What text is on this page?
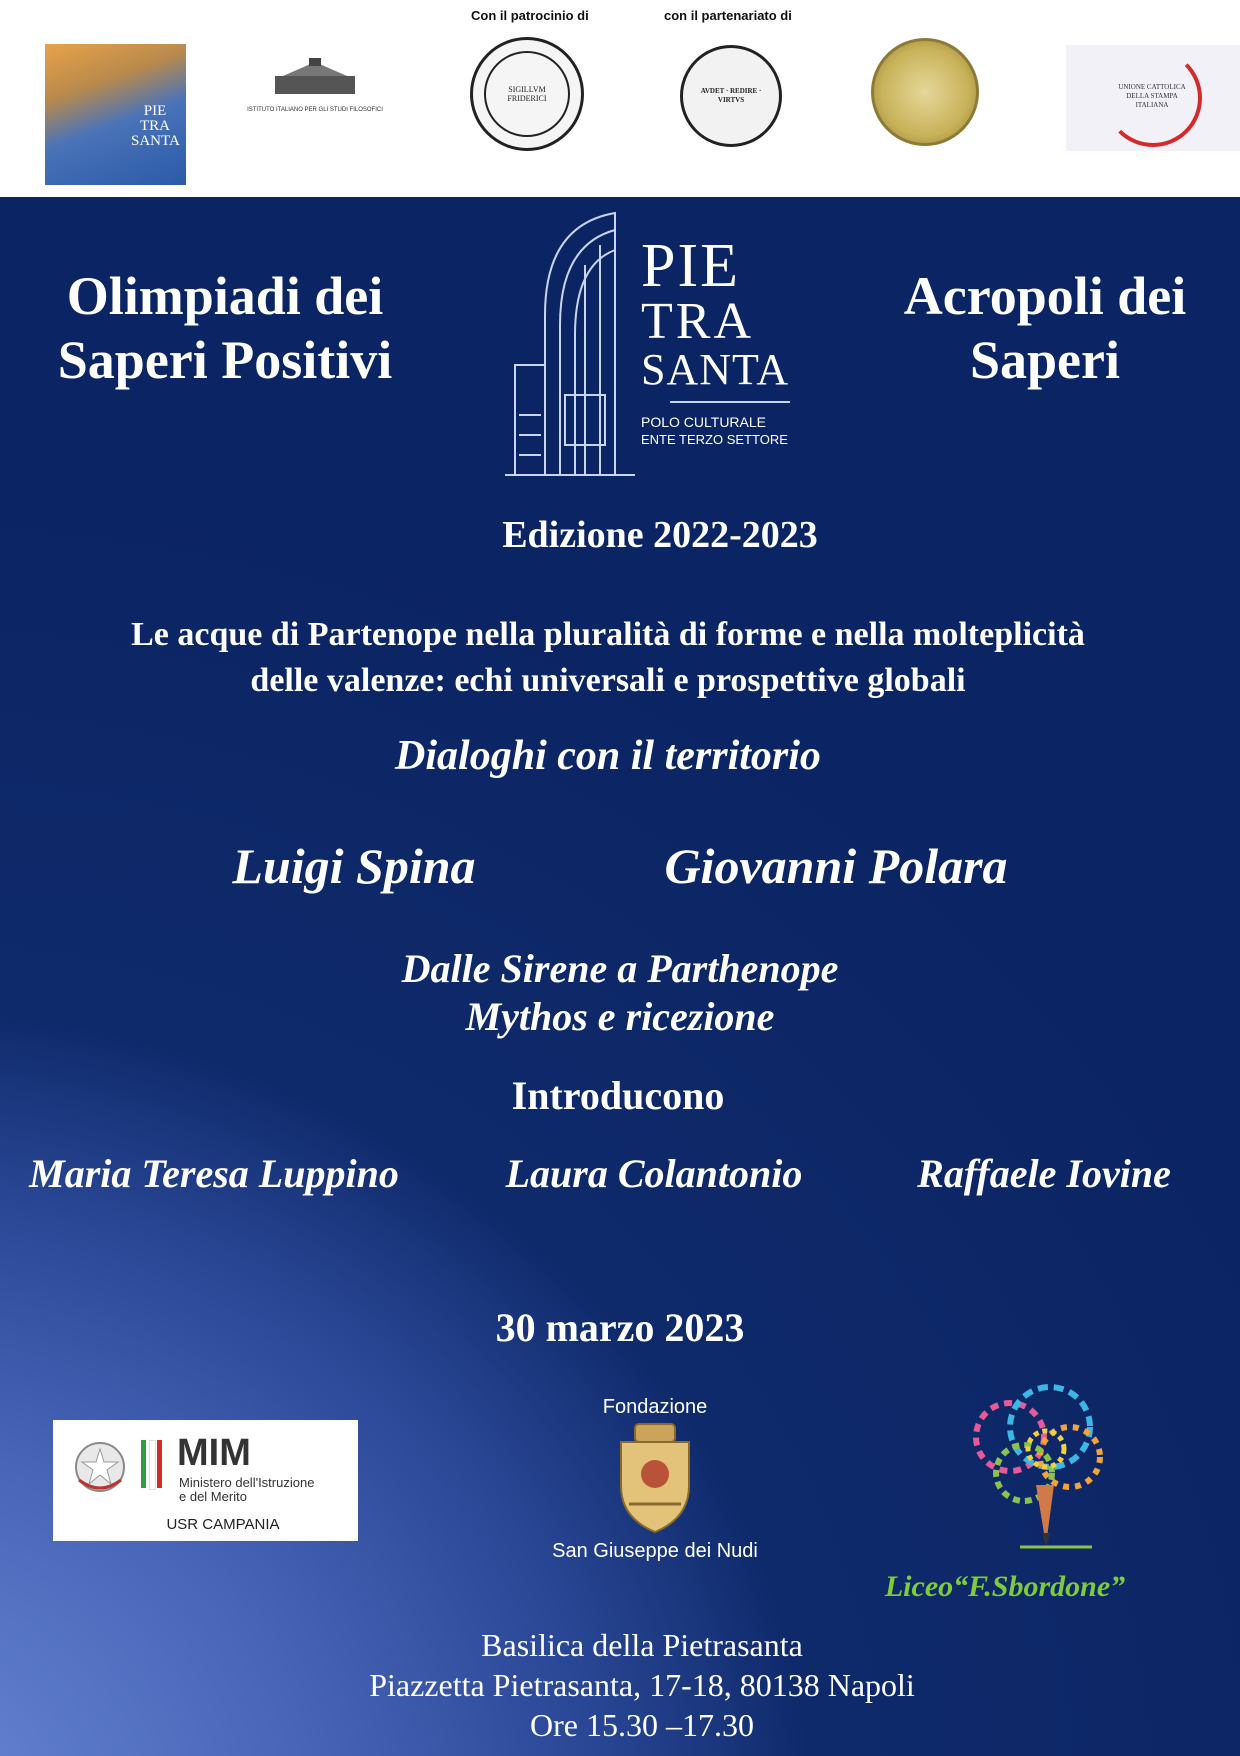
Con il patrocinio di	con il partenariato di
PIE TRA SANTA
ISTITUTO ITALIANO PER GLI STUDI FILOSOFICI
SIGILLVM FRIDERICI
AVDET · REDIRE · VIRTVS
UNIONE CATTOLICA DELLA STAMPA ITALIANA
Olimpiadi dei
Saperi Positivi
Acropoli dei
Saperi
PIE
TRA
SANTA
POLO CULTURALE
ENTE TERZO SETTORE
Edizione 2022-2023
Le acque di Partenope nella pluralità di forme e nella molteplicità
delle valenze: echi universali e prospettive globali
Dialoghi con il territorio
Luigi Spina	Giovanni Polara
Dalle Sirene a Parthenope
Mythos e ricezione
Introducono
Maria Teresa Luppino	Laura Colantonio	Raffaele Iovine
30 marzo 2023
MIM
Ministero dell'Istruzione
e del Merito
USR CAMPANIA
Fondazione
San Giuseppe dei Nudi
Liceo“F.Sbordone”
Basilica della Pietrasanta
Piazzetta Pietrasanta, 17-18, 80138 Napoli
Ore 15.30 –17.30
